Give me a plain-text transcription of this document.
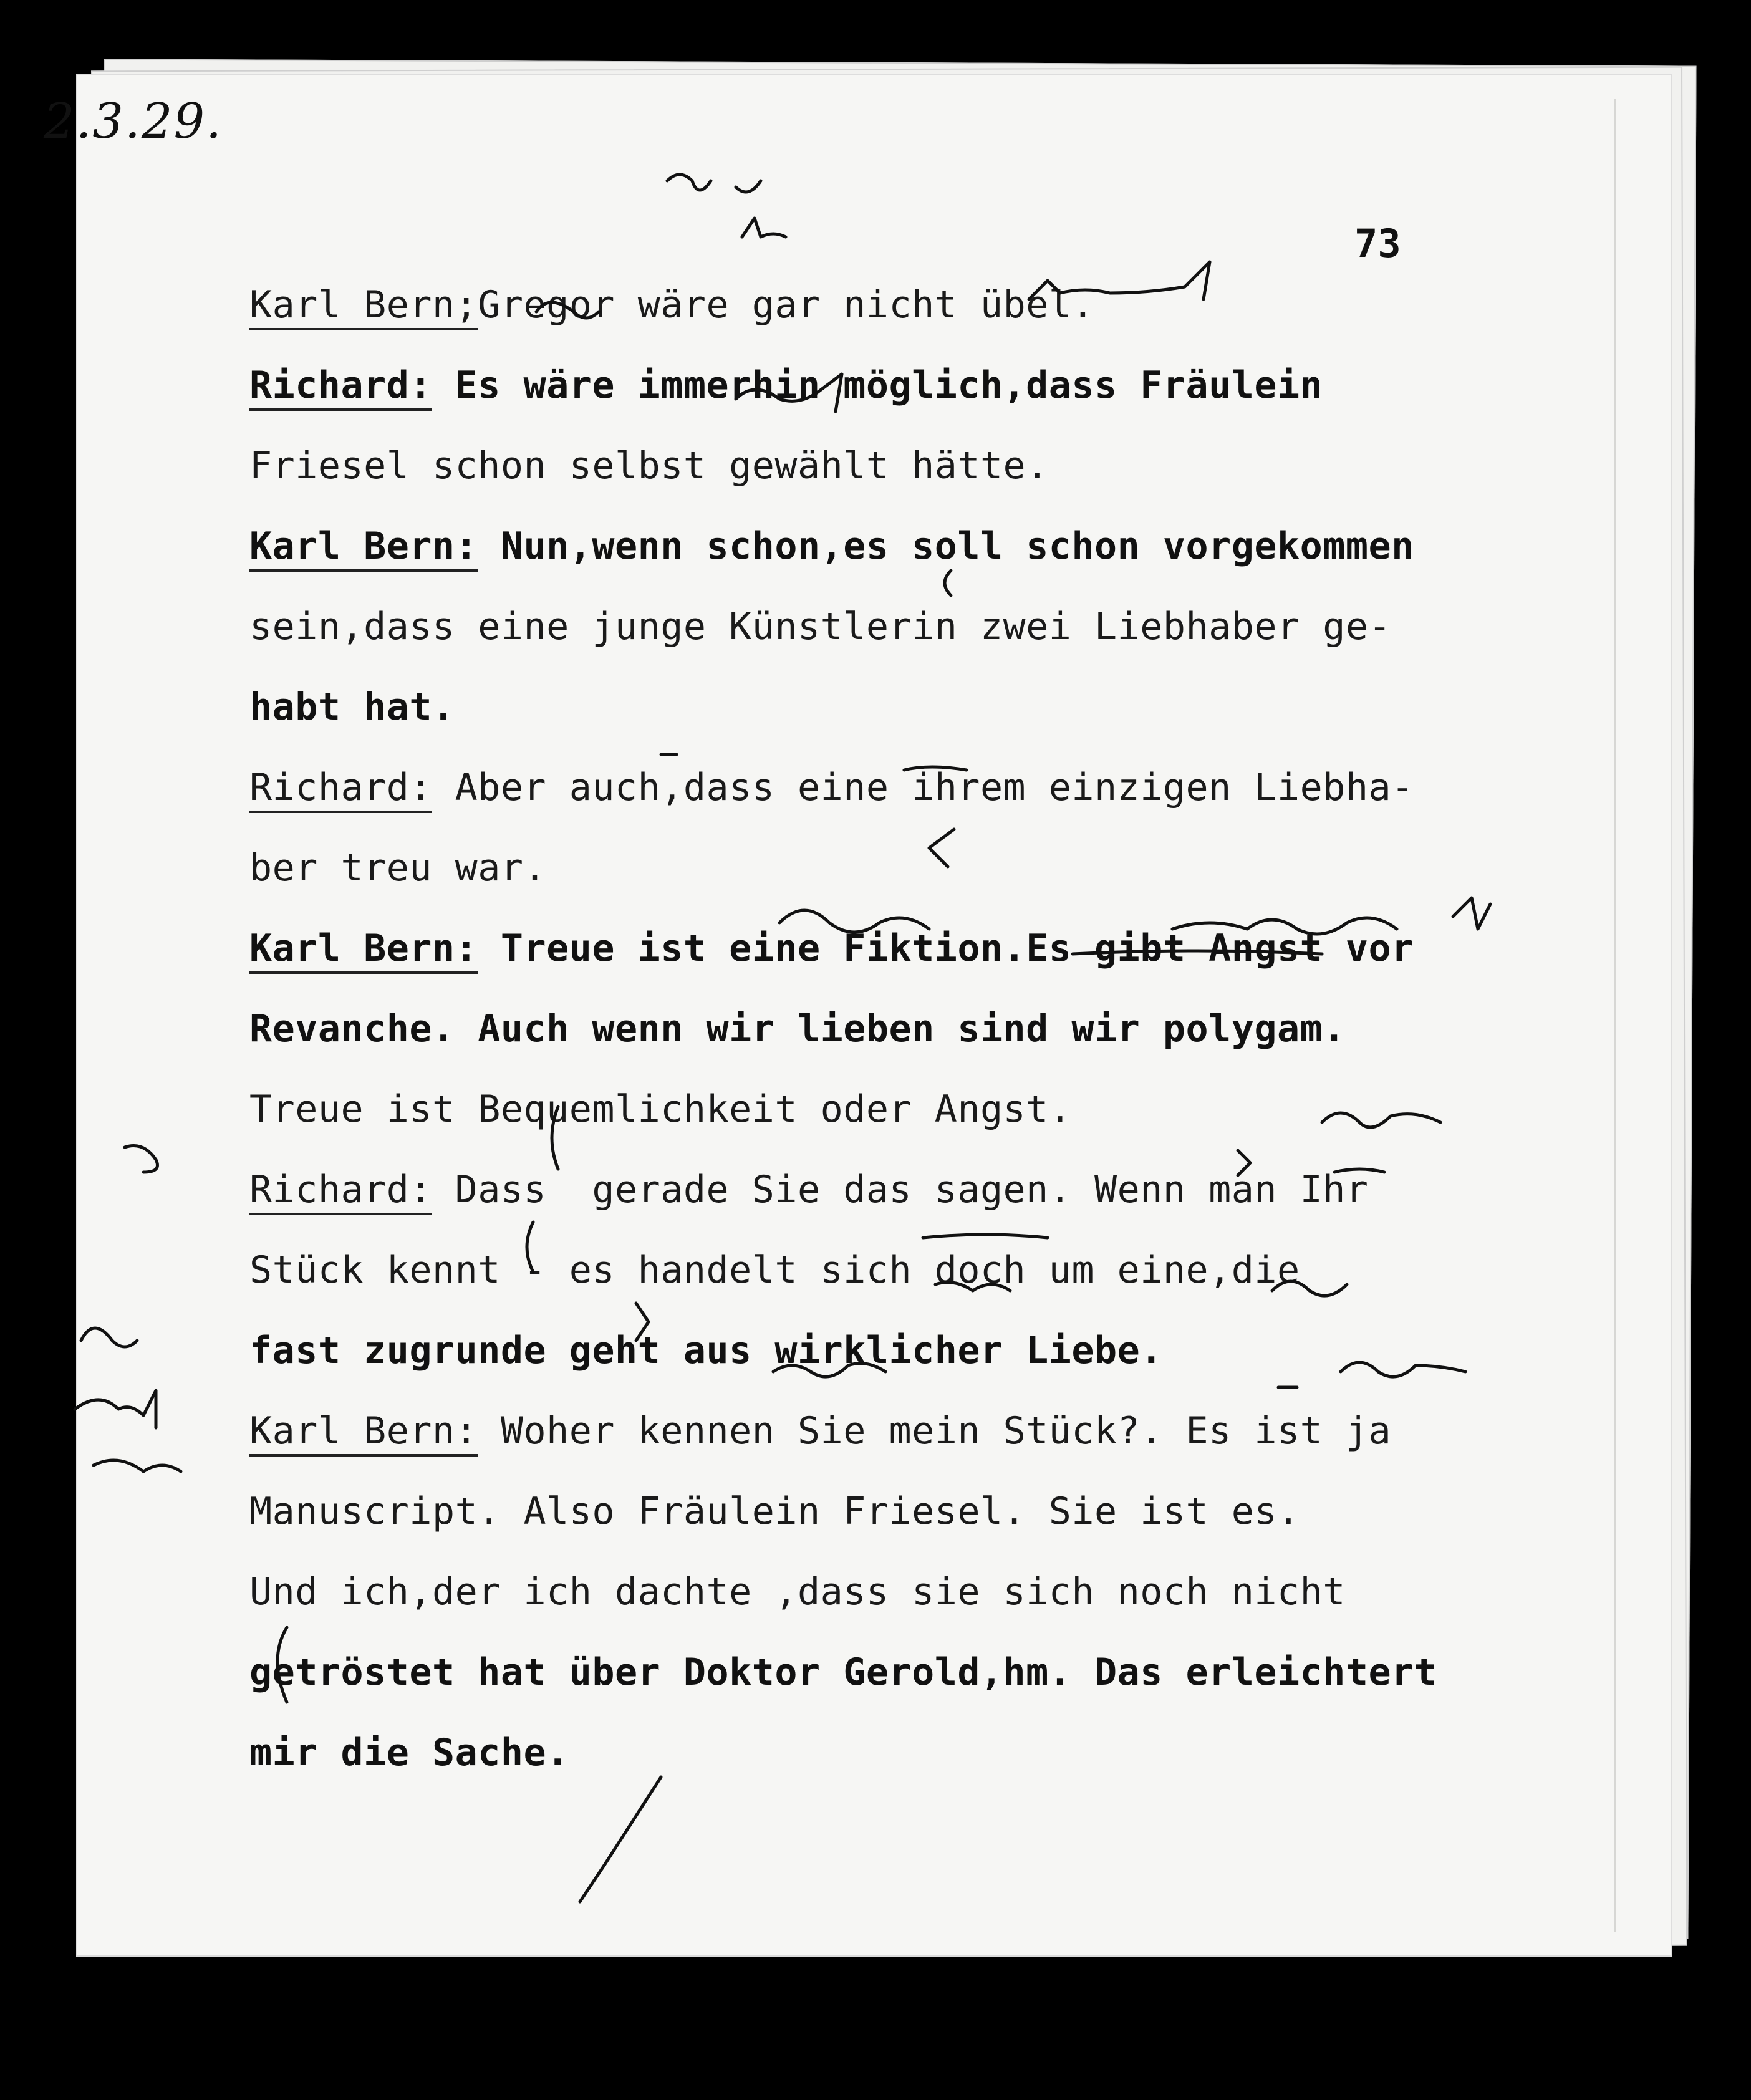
2.3.29.
73
Karl Bern;Gregor wäre gar nicht übel.
Richard: Es wäre immerhin möglich,dass Fräulein
Friesel schon selbst gewählt hätte.
Karl Bern: Nun,wenn schon,es soll schon vorgekommen
sein,dass eine junge Künstlerin zwei Liebhaber ge-
habt hat.
Richard: Aber auch,dass eine ihrem einzigen Liebha-
ber treu war.
Karl Bern: Treue ist eine Fiktion.Es gibt Angst vor
Revanche. Auch wenn wir lieben sind wir polygam.
Treue ist Bequemlichkeit oder Angst.
Richard: Dass  gerade Sie das sagen. Wenn man Ihr
Stück kennt - es handelt sich doch um eine,die
fast zugrunde geht aus wirklicher Liebe.
Karl Bern: Woher kennen Sie mein Stück?. Es ist ja
Manuscript. Also Fräulein Friesel. Sie ist es.
Und ich,der ich dachte ,dass sie sich noch nicht
getröstet hat über Doktor Gerold,hm. Das erleichtert
mir die Sache.
